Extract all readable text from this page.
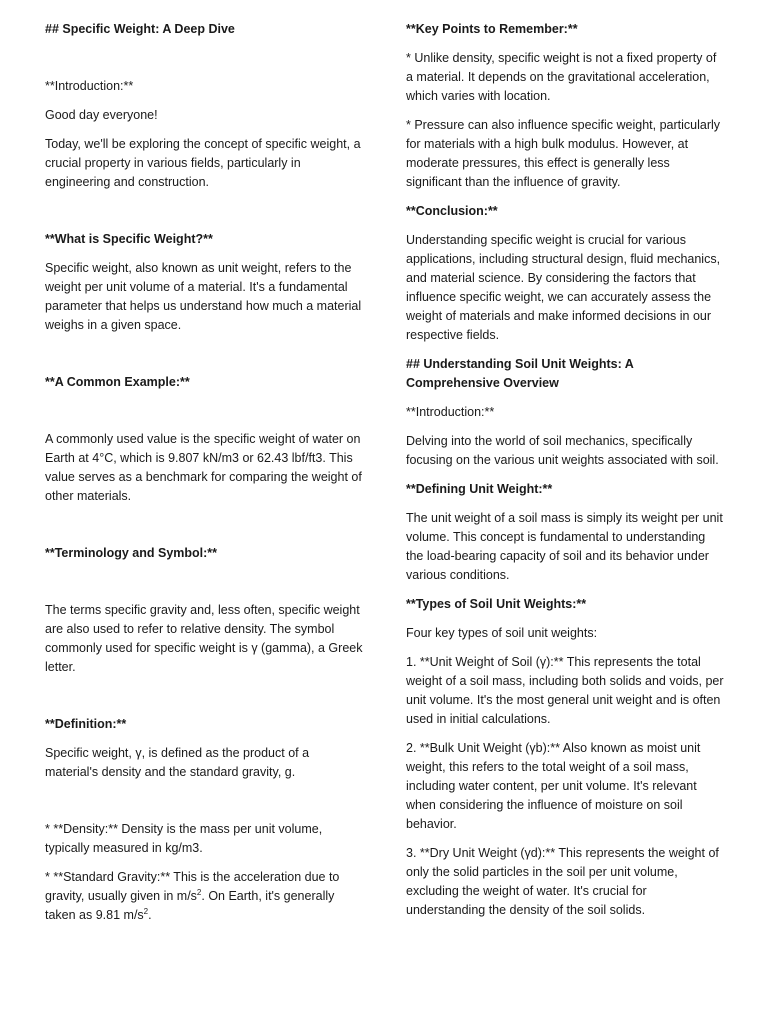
## Specific Weight: A Deep Dive

**Introduction:**

Good day everyone!

Today, we'll be exploring the concept of specific weight, a crucial property in various fields, particularly in engineering and construction.

**What is Specific Weight?**

Specific weight, also known as unit weight, refers to the weight per unit volume of a material. It's a fundamental parameter that helps us understand how much a material weighs in a given space.

**A Common Example:**

A commonly used value is the specific weight of water on Earth at 4°C, which is 9.807 kN/m3 or 62.43 lbf/ft3. This value serves as a benchmark for comparing the weight of other materials.

**Terminology and Symbol:**

The terms specific gravity and, less often, specific weight are also used to refer to relative density. The symbol commonly used for specific weight is γ (gamma), a Greek letter.

**Definition:**

Specific weight, γ, is defined as the product of a material's density and the standard gravity, g.

* **Density:** Density is the mass per unit volume, typically measured in kg/m3.

* **Standard Gravity:** This is the acceleration due to gravity, usually given in $m/s^2$. On Earth, it's generally taken as 9.81 $m/s^2$.

**Key Points to Remember:**

* Unlike density, specific weight is not a fixed property of a material. It depends on the gravitational acceleration, which varies with location.

* Pressure can also influence specific weight, particularly for materials with a high bulk modulus. However, at moderate pressures, this effect is generally less significant than the influence of gravity.

**Conclusion:**

Understanding specific weight is crucial for various applications, including structural design, fluid mechanics, and material science. By considering the factors that influence specific weight, we can accurately assess the weight of materials and make informed decisions in our respective fields.

## Understanding Soil Unit Weights: A Comprehensive Overview

**Introduction:**

Delving into the world of soil mechanics, specifically focusing on the various unit weights associated with soil.

**Defining Unit Weight:**

The unit weight of a soil mass is simply its weight per unit volume. This concept is fundamental to understanding the load-bearing capacity of soil and its behavior under various conditions.

**Types of Soil Unit Weights:**

Four key types of soil unit weights:

1. **Unit Weight of Soil (γ):** This represents the total weight of a soil mass, including both solids and voids, per unit volume. It's the most general unit weight and is often used in initial calculations.

2. **Bulk Unit Weight (γb):** Also known as moist unit weight, this refers to the total weight of a soil mass, including water content, per unit volume. It's relevant when considering the influence of moisture on soil behavior.

3. **Dry Unit Weight (γd):** This represents the weight of only the solid particles in the soil per unit volume, excluding the weight of water. It's crucial for understanding the density of the soil solids.
